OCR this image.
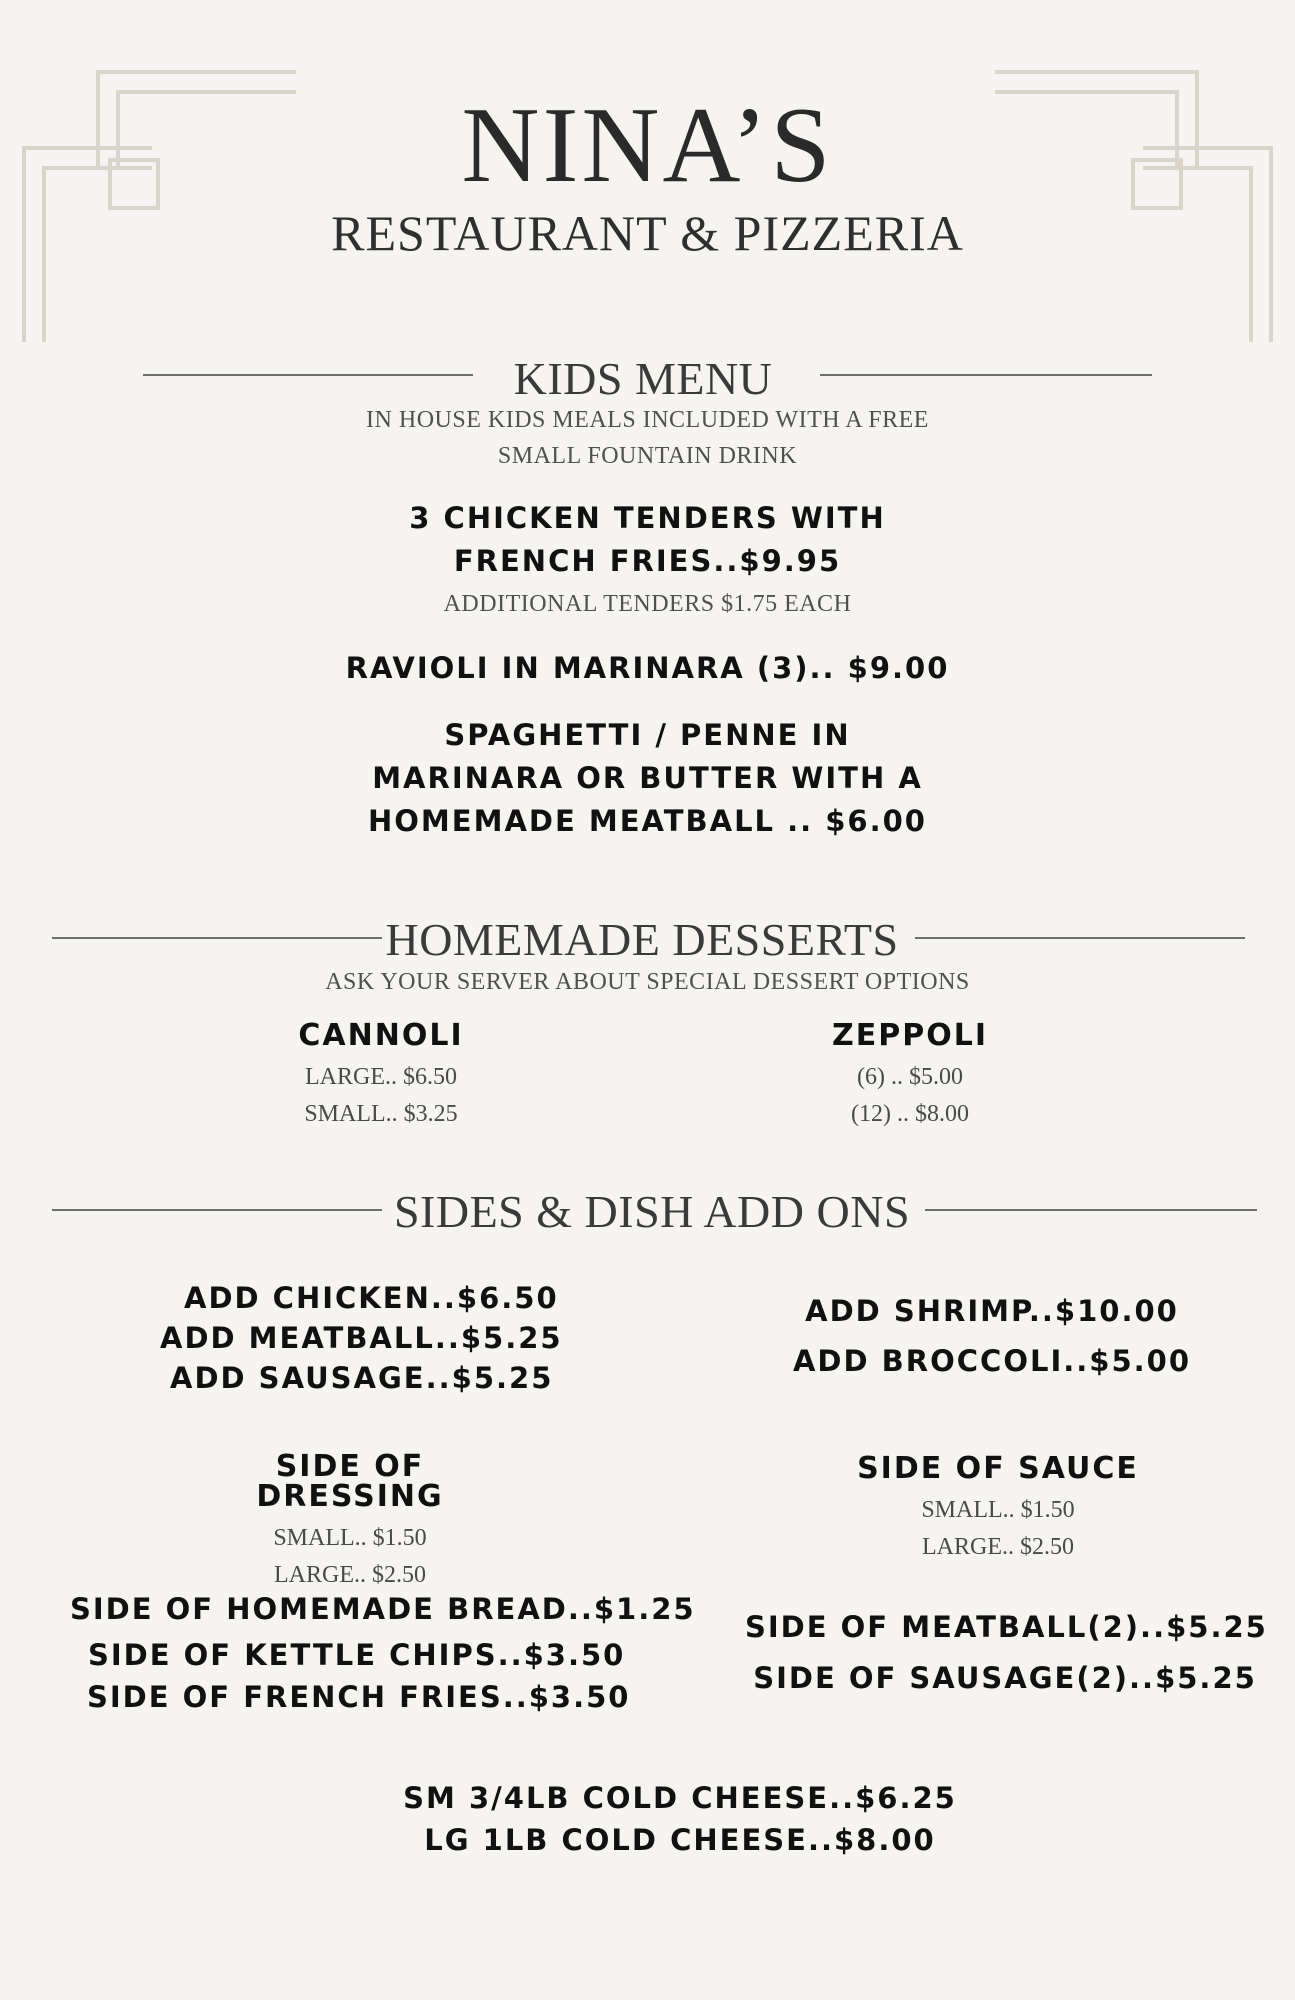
NINA’S
RESTAURANT & PIZZERIA
KIDS MENU
IN HOUSE KIDS MEALS INCLUDED WITH A FREE
SMALL FOUNTAIN DRINK
3 CHICKEN TENDERS WITH
FRENCH FRIES..$9.95
ADDITIONAL TENDERS $1.75 EACH
RAVIOLI IN MARINARA (3).. $9.00
SPAGHETTI / PENNE IN
MARINARA OR BUTTER WITH A
HOMEMADE MEATBALL .. $6.00
HOMEMADE DESSERTS
ASK YOUR SERVER ABOUT SPECIAL DESSERT OPTIONS
CANNOLI
LARGE.. $6.50
SMALL.. $3.25
ZEPPOLI
(6) .. $5.00
(12) .. $8.00
SIDES & DISH ADD ONS
ADD CHICKEN..$6.50
ADD MEATBALL..$5.25
ADD SAUSAGE..$5.25
ADD SHRIMP..$10.00
ADD BROCCOLI..$5.00
SIDE OF DRESSING
SMALL.. $1.50
LARGE.. $2.50
SIDE OF SAUCE
SMALL.. $1.50
LARGE.. $2.50
SIDE OF HOMEMADE BREAD..$1.25
SIDE OF KETTLE CHIPS..$3.50
SIDE OF FRENCH FRIES..$3.50
SIDE OF MEATBALL(2)..$5.25
SIDE OF SAUSAGE(2)..$5.25
SM 3/4LB COLD CHEESE..$6.25
LG 1LB COLD CHEESE..$8.00
